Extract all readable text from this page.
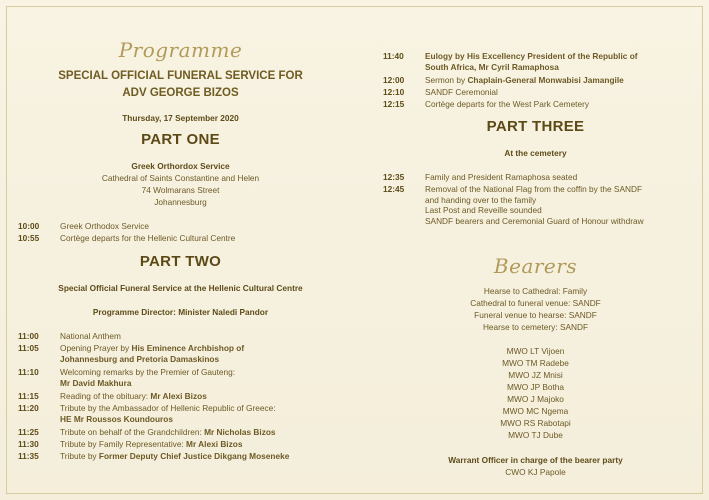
Programme
SPECIAL OFFICIAL FUNERAL SERVICE FOR
ADV GEORGE BIZOS
Thursday, 17 September 2020
PART ONE
Greek Orthordox Service
Cathedral of Saints Constantine and Helen
74 Wolmarans Street
Johannesburg
10:00	Greek Orthodox Service
10:55	Cortège departs for the Hellenic Cultural Centre
PART TWO
Special Official Funeral Service at the Hellenic Cultural Centre
Programme Director: Minister Naledi Pandor
11:00	National Anthem
11:05	Opening Prayer by His Eminence Archbishop of
Johannesburg and Pretoria Damaskinos
11:10	Welcoming remarks by the Premier of Gauteng:
Mr David Makhura
11:15	Reading of the obituary: Mr Alexi Bizos
11:20	Tribute by the Ambassador of Hellenic Republic of Greece:
HE Mr Roussos Koundouros
11:25	Tribute on behalf of the Grandchildren: Mr Nicholas Bizos
11:30	Tribute by Family Representative: Mr Alexi Bizos
11:35	Tribute by Former Deputy Chief Justice Dikgang Moseneke
11:40	Eulogy by His Excellency President of the Republic of
South Africa, Mr Cyril Ramaphosa
12:00	Sermon by Chaplain-General Monwabisi Jamangile
12:10	SANDF Ceremonial
12:15	Cortège departs for the West Park Cemetery
PART THREE
At the cemetery
12:35	Family and President Ramaphosa seated
12:45	Removal of the National Flag from the coffin by the SANDF
and handing over to the family
Last Post and Reveille sounded
SANDF bearers and Ceremonial Guard of Honour withdraw
Bearers
Hearse to Cathedral: Family
Cathedral to funeral venue: SANDF
Funeral venue to hearse: SANDF
Hearse to cemetery: SANDF
MWO LT Vijoen
MWO TM Radebe
MWO JZ Mnisi
MWO JP Botha
MWO J Majoko
MWO MC Ngema
MWO RS Rabotapi
MWO TJ Dube
Warrant Officer in charge of the bearer party
CWO KJ Papole
